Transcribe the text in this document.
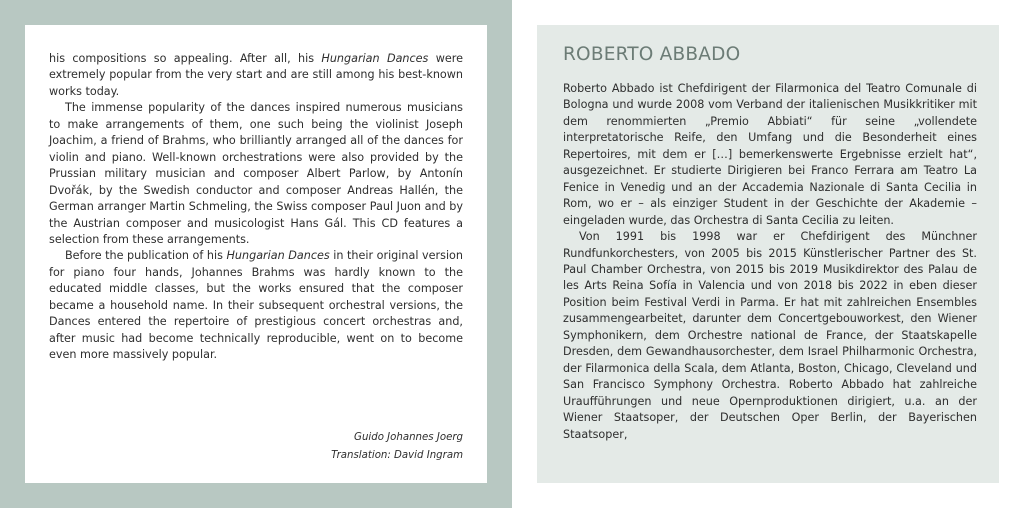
his compositions so appealing. After all, his Hungarian Dances were extremely popular from the very start and are still among his best-known works today.

The immense popularity of the dances inspired numerous musicians to make arrangements of them, one such being the violinist Joseph Joachim, a friend of Brahms, who brilliantly arranged all of the dances for violin and piano. Well-known orchestrations were also provided by the Prussian military musician and composer Albert Parlow, by Antonín Dvořák, by the Swedish conductor and composer Andreas Hallén, the German arranger Martin Schmeling, the Swiss composer Paul Juon and by the Austrian composer and musicologist Hans Gál. This CD features a selection from these arrangements.

Before the publication of his Hungarian Dances in their original version for piano four hands, Johannes Brahms was hardly known to the educated middle classes, but the works ensured that the composer became a household name. In their subsequent orchestral versions, the Dances entered the repertoire of prestigious concert orchestras and, after music had become technically reproducible, went on to become even more massively popular.

Guido Johannes Joerg
Translation: David Ingram
ROBERTO ABBADO

Roberto Abbado ist Chefdirigent der Filarmonica del Teatro Comunale di Bologna und wurde 2008 vom Verband der italienischen Musikkritiker mit dem renommierten „Premio Abbiati“ für seine „vollendete interpretatorische Reife, den Umfang und die Besonderheit eines Repertoires, mit dem er […] bemerkenswerte Ergebnisse erzielt hat“, ausgezeichnet. Er studierte Dirigieren bei Franco Ferrara am Teatro La Fenice in Venedig und an der Accademia Nazionale di Santa Cecilia in Rom, wo er – als einziger Student in der Geschichte der Akademie – eingeladen wurde, das Orchestra di Santa Cecilia zu leiten.

Von 1991 bis 1998 war er Chefdirigent des Münchner Rundfunkorchesters, von 2005 bis 2015 Künstlerischer Partner des St. Paul Chamber Orchestra, von 2015 bis 2019 Musikdirektor des Palau de les Arts Reina Sofía in Valencia und von 2018 bis 2022 in eben dieser Position beim Festival Verdi in Parma. Er hat mit zahlreichen Ensembles zusammengearbeitet, darunter dem Concertgebouworkest, den Wiener Symphonikern, dem Orchestre national de France, der Staatskapelle Dresden, dem Gewandhausorchester, dem Israel Philharmonic Orchestra, der Filarmonica della Scala, dem Atlanta, Boston, Chicago, Cleveland und San Francisco Symphony Orchestra. Roberto Abbado hat zahlreiche Uraufführungen und neue Opernproduktionen dirigiert, u.a. an der Wiener Staatsoper, der Deutschen Oper Berlin, der Bayerischen Staatsoper,
